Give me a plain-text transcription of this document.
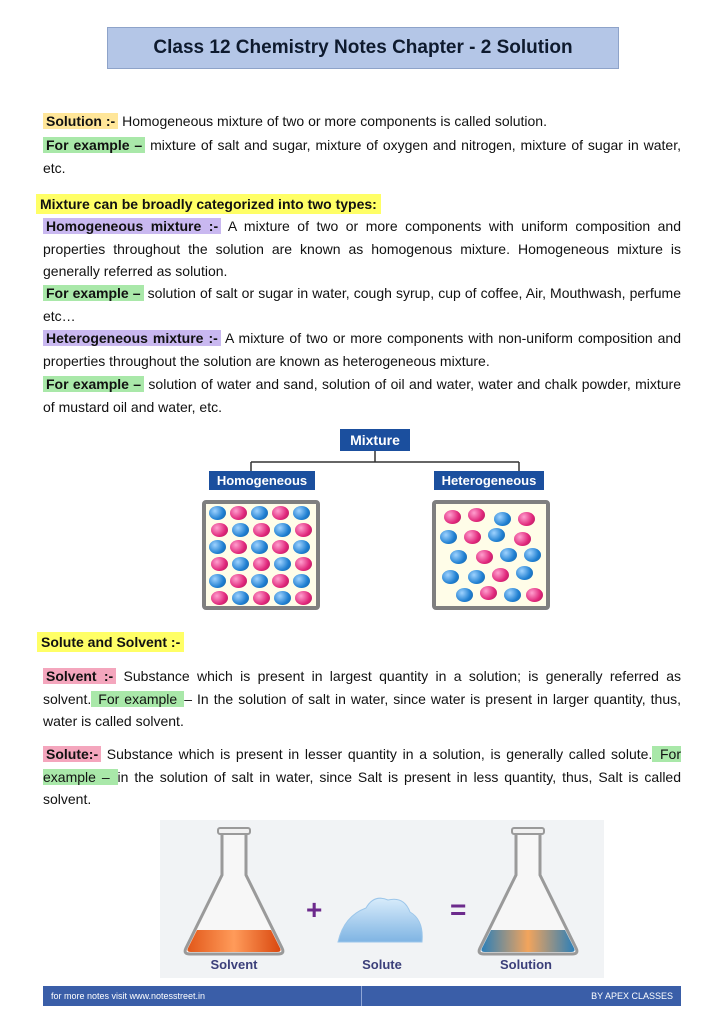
Class 12 Chemistry Notes Chapter - 2 Solution
Solution :- Homogeneous mixture of two or more components is called solution.
For example – mixture of salt and sugar, mixture of oxygen and nitrogen, mixture of sugar in water, etc.
Mixture can be broadly categorized into two types:
Homogeneous mixture :- A mixture of two or more components with uniform composition and properties throughout the solution are known as homogenous mixture. Homogeneous mixture is generally referred as solution.
For example – solution of salt or sugar in water, cough syrup, cup of coffee, Air, Mouthwash, perfume etc…
Heterogeneous mixture :- A mixture of two or more components with non-uniform composition and properties throughout the solution are known as heterogeneous mixture.
For example – solution of water and sand, solution of oil and water, water and chalk powder, mixture of mustard oil and water, etc.
Mixture
Homogeneous	Heterogeneous
Solute and Solvent :-
Solvent :- Substance which is present in largest quantity in a solution; is generally referred as solvent. For example – In the solution of salt in water, since water is present in larger quantity, thus, water is called solvent.
Solute:- Substance which is present in lesser quantity in a solution, is generally called solute. For example – in the solution of salt in water, since Salt is present in less quantity, thus, Salt is called solvent.
+	=
Solvent	Solute	Solution
for more notes visit www.notesstreet.in	BY APEX CLASSES
